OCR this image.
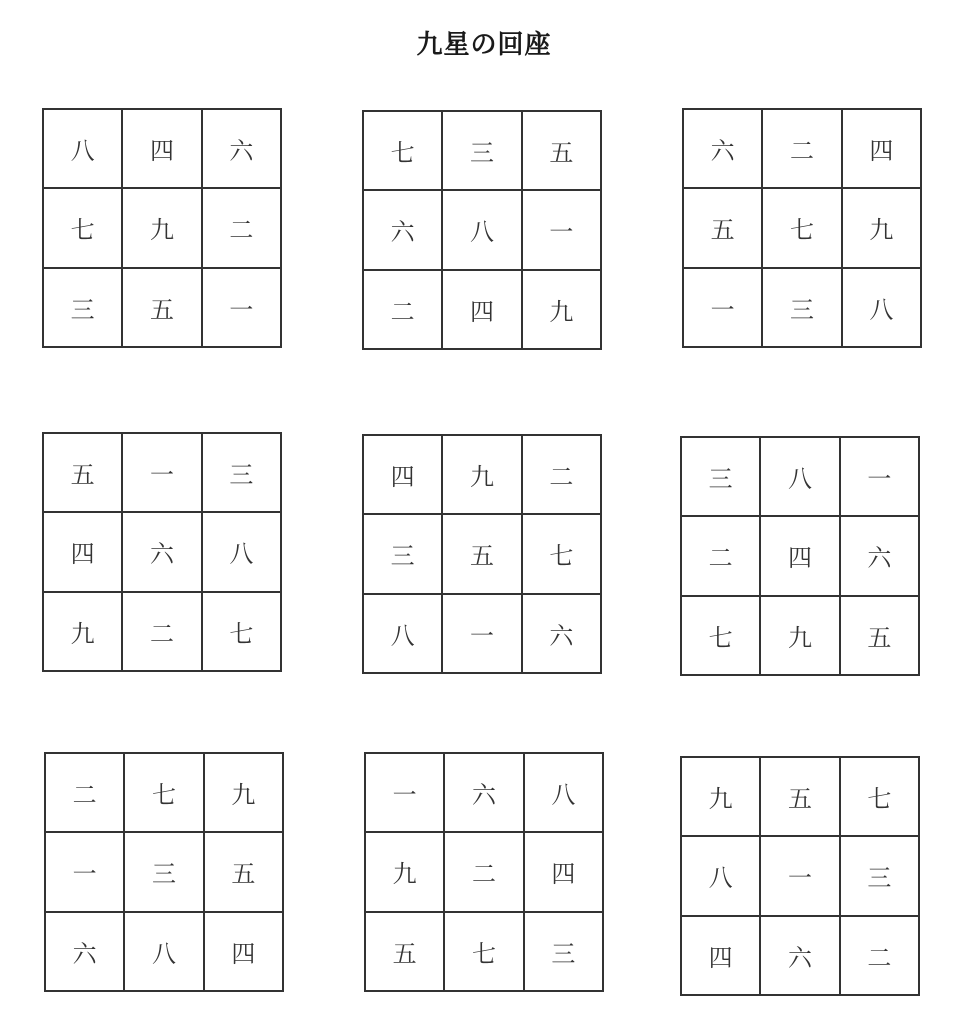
九星の回座
八	四	六
七	九	二
三	五	一
七	三	五
六	八	一
二	四	九
六	二	四
五	七	九
一	三	八
五	一	三
四	六	八
九	二	七
四	九	二
三	五	七
八	一	六
三	八	一
二	四	六
七	九	五
二	七	九
一	三	五
六	八	四
一	六	八
九	二	四
五	七	三
九	五	七
八	一	三
四	六	二
